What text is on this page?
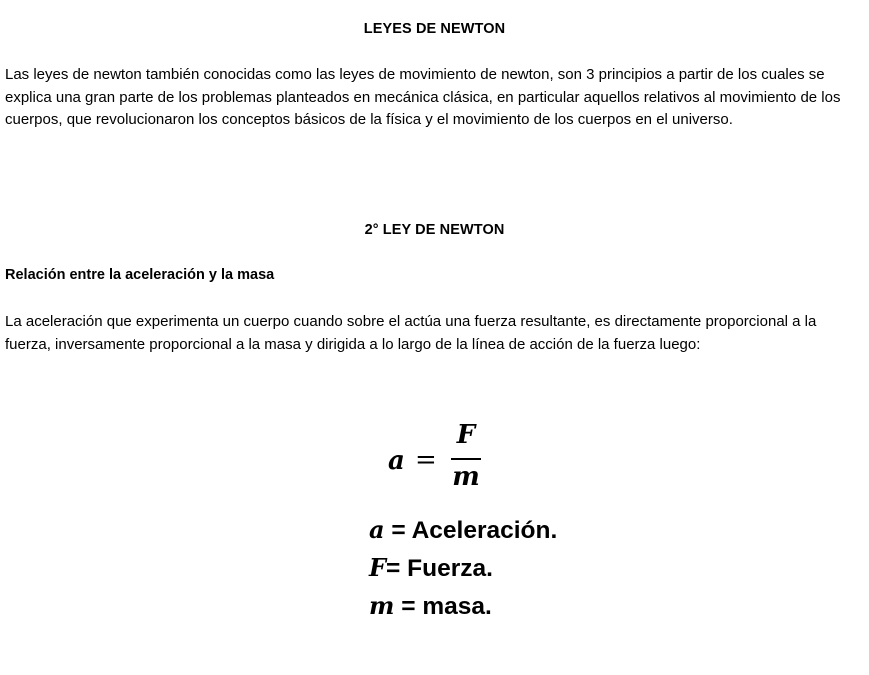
LEYES DE NEWTON

Las leyes de newton también conocidas como las leyes de movimiento de newton, son 3 principios a partir de los cuales se explica una gran parte de los problemas planteados en mecánica clásica, en particular aquellos relativos al movimiento de los cuerpos, que revolucionaron los conceptos básicos de la física y el movimiento de los cuerpos en el universo.

2° LEY DE NEWTON
Relación entre la aceleración y la masa

La aceleración que experimenta un cuerpo cuando sobre el actúa una fuerza resultante, es directamente proporcional a la fuerza, inversamente proporcional a la masa y dirigida a lo largo de la línea de acción de la fuerza luego:

a =
F
m
a = Aceleración.
F= Fuerza.
m = masa.
